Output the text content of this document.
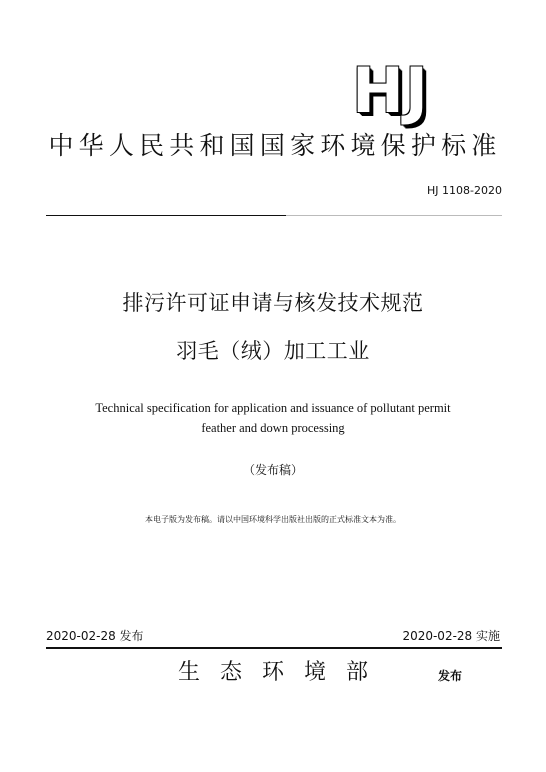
HJ
中华人民共和国国家环境保护标准
HJ 1108-2020
排污许可证申请与核发技术规范
羽毛（绒）加工工业
Technical specification for application and issuance of pollutant permit
feather and down processing
（发布稿）
本电子版为发布稿。请以中国环境科学出版社出版的正式标准文本为准。
2020-02-28 发布	2020-02-28 实施
生态环境部	发布
